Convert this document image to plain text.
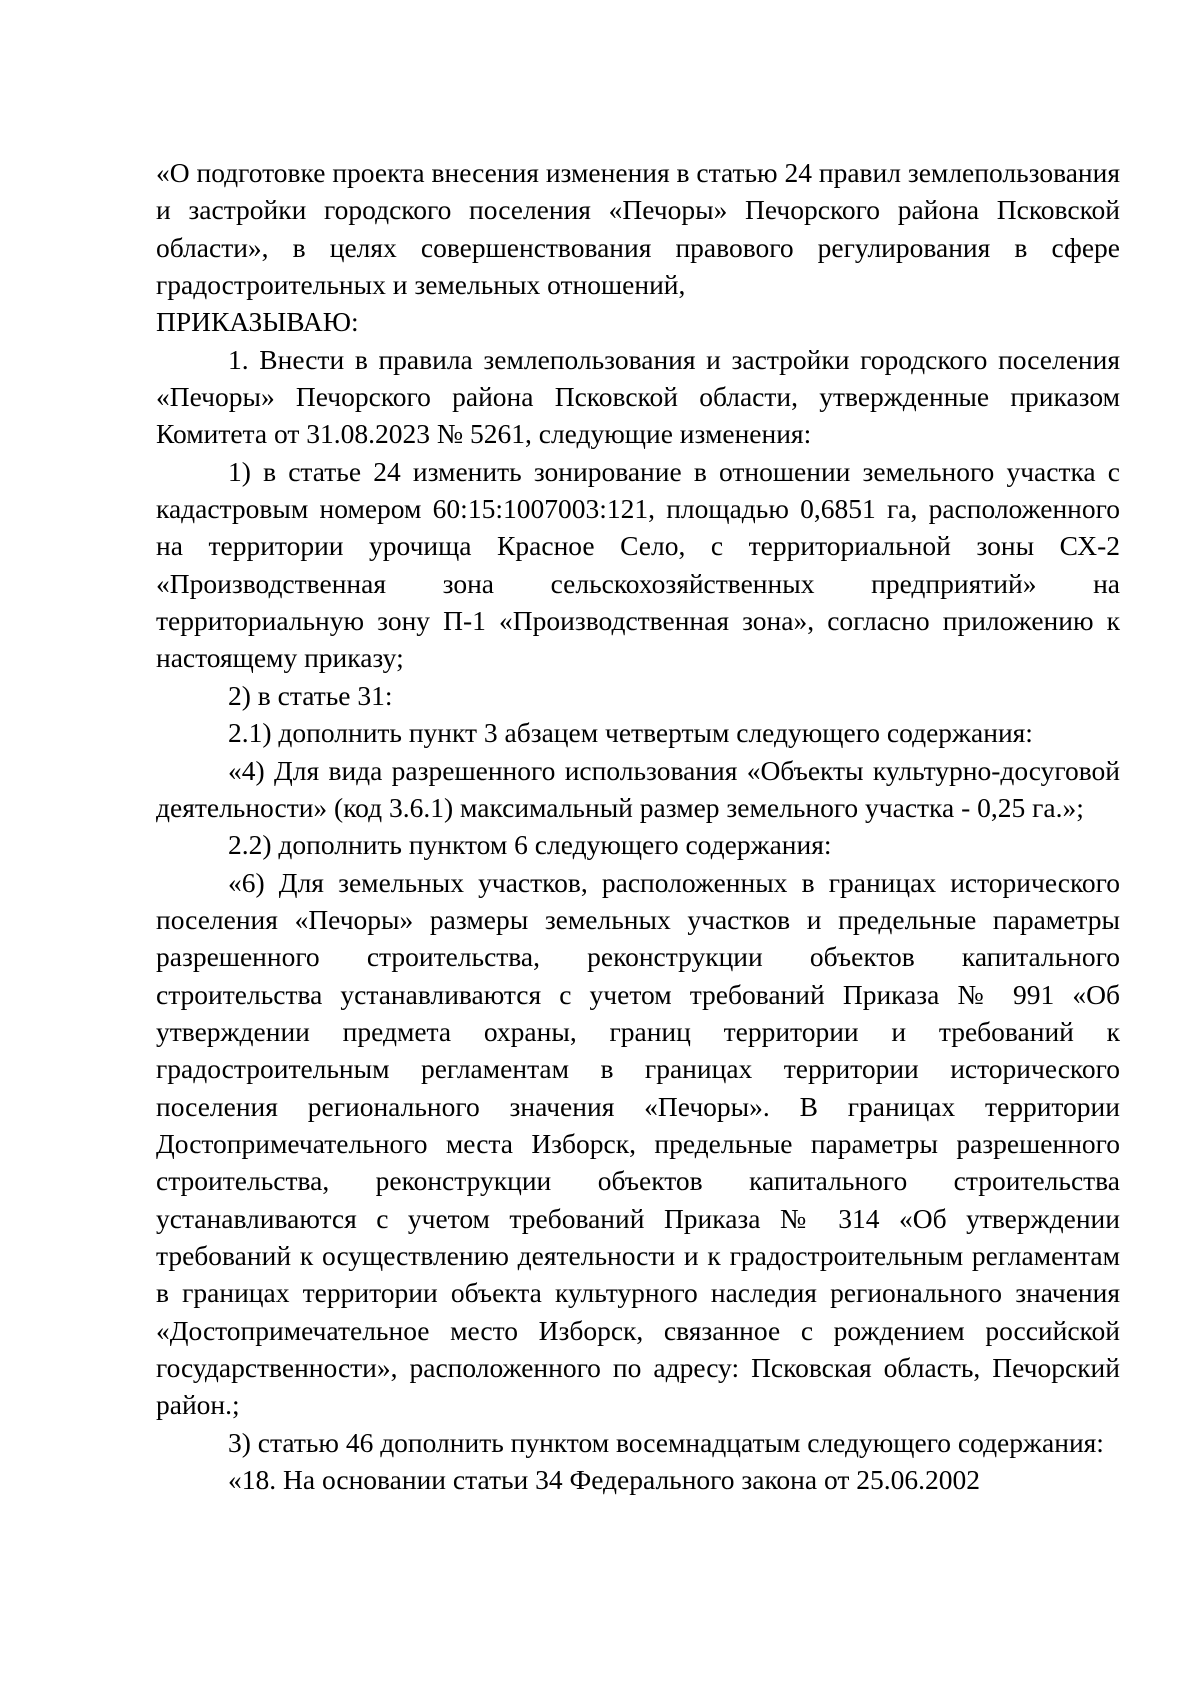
«О подготовке проекта внесения изменения в статью 24 правил землепользования и застройки городского поселения «Печоры» Печорского района Псковской области», в целях совершенствования правового регулирования в сфере градостроительных и земельных отношений,

ПРИКАЗЫВАЮ:

1. Внести в правила землепользования и застройки городского поселения «Печоры» Печорского района Псковской области, утвержденные приказом Комитета от 31.08.2023 № 5261, следующие изменения:

1) в статье 24 изменить зонирование в отношении земельного участка с кадастровым номером 60:15:1007003:121, площадью 0,6851 га, расположенного на территории урочища Красное Село, с территориальной зоны СХ-2 «Производственная зона сельскохозяйственных предприятий» на территориальную зону П-1 «Производственная зона», согласно приложению к настоящему приказу;

2) в статье 31:

2.1) дополнить пункт 3 абзацем четвертым следующего содержания:

«4) Для вида разрешенного использования «Объекты культурно-досуговой деятельности» (код 3.6.1) максимальный размер земельного участка - 0,25 га.»;

2.2) дополнить пунктом 6 следующего содержания:

«6) Для земельных участков, расположенных в границах исторического поселения «Печоры» размеры земельных участков и предельные параметры разрешенного строительства, реконструкции объектов капитального строительства устанавливаются с учетом требований Приказа № 991 «Об утверждении предмета охраны, границ территории и требований к градостроительным регламентам в границах территории исторического поселения регионального значения «Печоры». В границах территории Достопримечательного места Изборск, предельные параметры разрешенного строительства, реконструкции объектов капитального строительства устанавливаются с учетом требований Приказа № 314 «Об утверждении требований к осуществлению деятельности и к градостроительным регламентам в границах территории объекта культурного наследия регионального значения «Достопримечательное место Изборск, связанное с рождением российской государственности», расположенного по адресу: Псковская область, Печорский район.;

3) статью 46 дополнить пунктом восемнадцатым следующего содержания:

«18. На основании статьи 34 Федерального закона от 25.06.2002
